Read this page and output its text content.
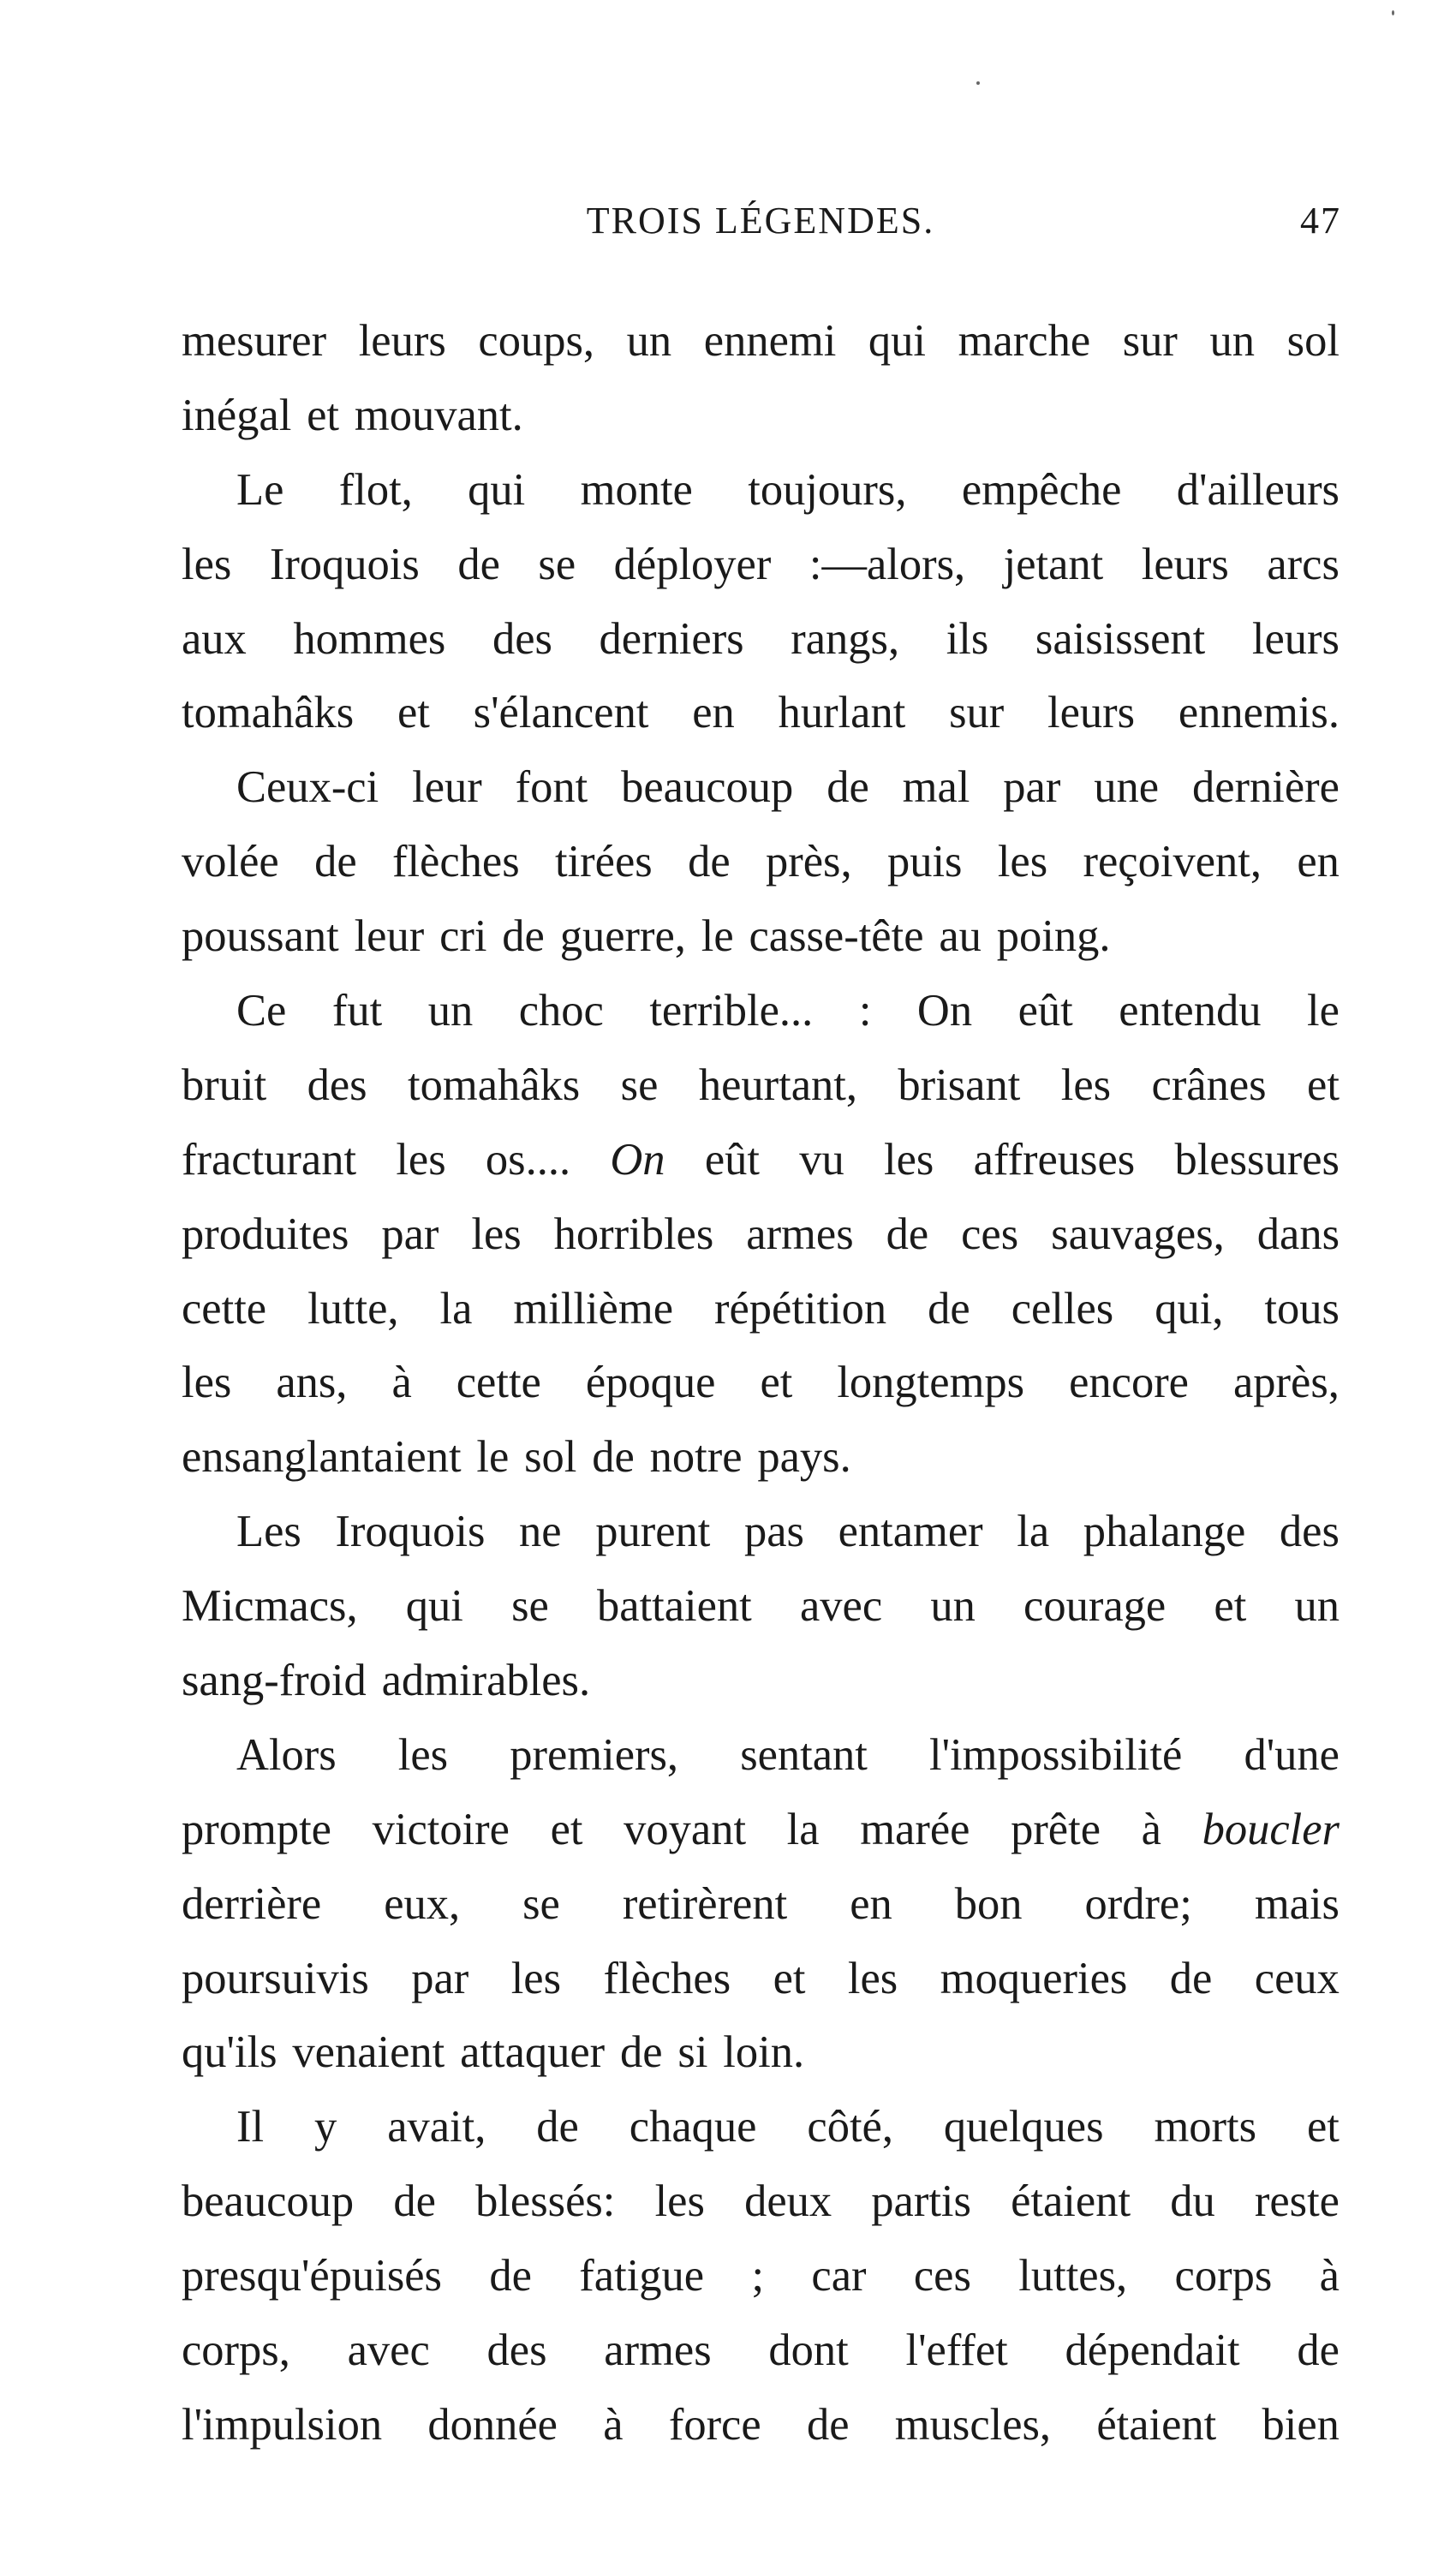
TROIS LÉGENDES.	47
mesurer leurs coups, un ennemi qui marche sur un sol
inégal et mouvant.
Le flot, qui monte toujours, empêche d'ailleurs
les Iroquois de se déployer :—alors, jetant leurs arcs
aux hommes des derniers rangs, ils saisissent leurs
tomahâks et s'élancent en hurlant sur leurs ennemis.
Ceux-ci leur font beaucoup de mal par une dernière
volée de flèches tirées de près, puis les reçoivent, en
poussant leur cri de guerre, le casse-tête au poing.
Ce fut un choc terrible... : On eût entendu le
bruit des tomahâks se heurtant, brisant les crânes et
fracturant les os.... On eût vu les affreuses blessures
produites par les horribles armes de ces sauvages, dans
cette lutte, la millième répétition de celles qui, tous
les ans, à cette époque et longtemps encore après,
ensanglantaient le sol de notre pays.
Les Iroquois ne purent pas entamer la phalange des
Micmacs, qui se battaient avec un courage et un
sang-froid admirables.
Alors les premiers, sentant l'impossibilité d'une
prompte victoire et voyant la marée prête à boucler
derrière eux, se retirèrent en bon ordre; mais
poursuivis par les flèches et les moqueries de ceux
qu'ils venaient attaquer de si loin.
Il y avait, de chaque côté, quelques morts et
beaucoup de blessés: les deux partis étaient du reste
presqu'épuisés de fatigue ; car ces luttes, corps à
corps, avec des armes dont l'effet dépendait de
l'impulsion donnée à force de muscles, étaient bien
